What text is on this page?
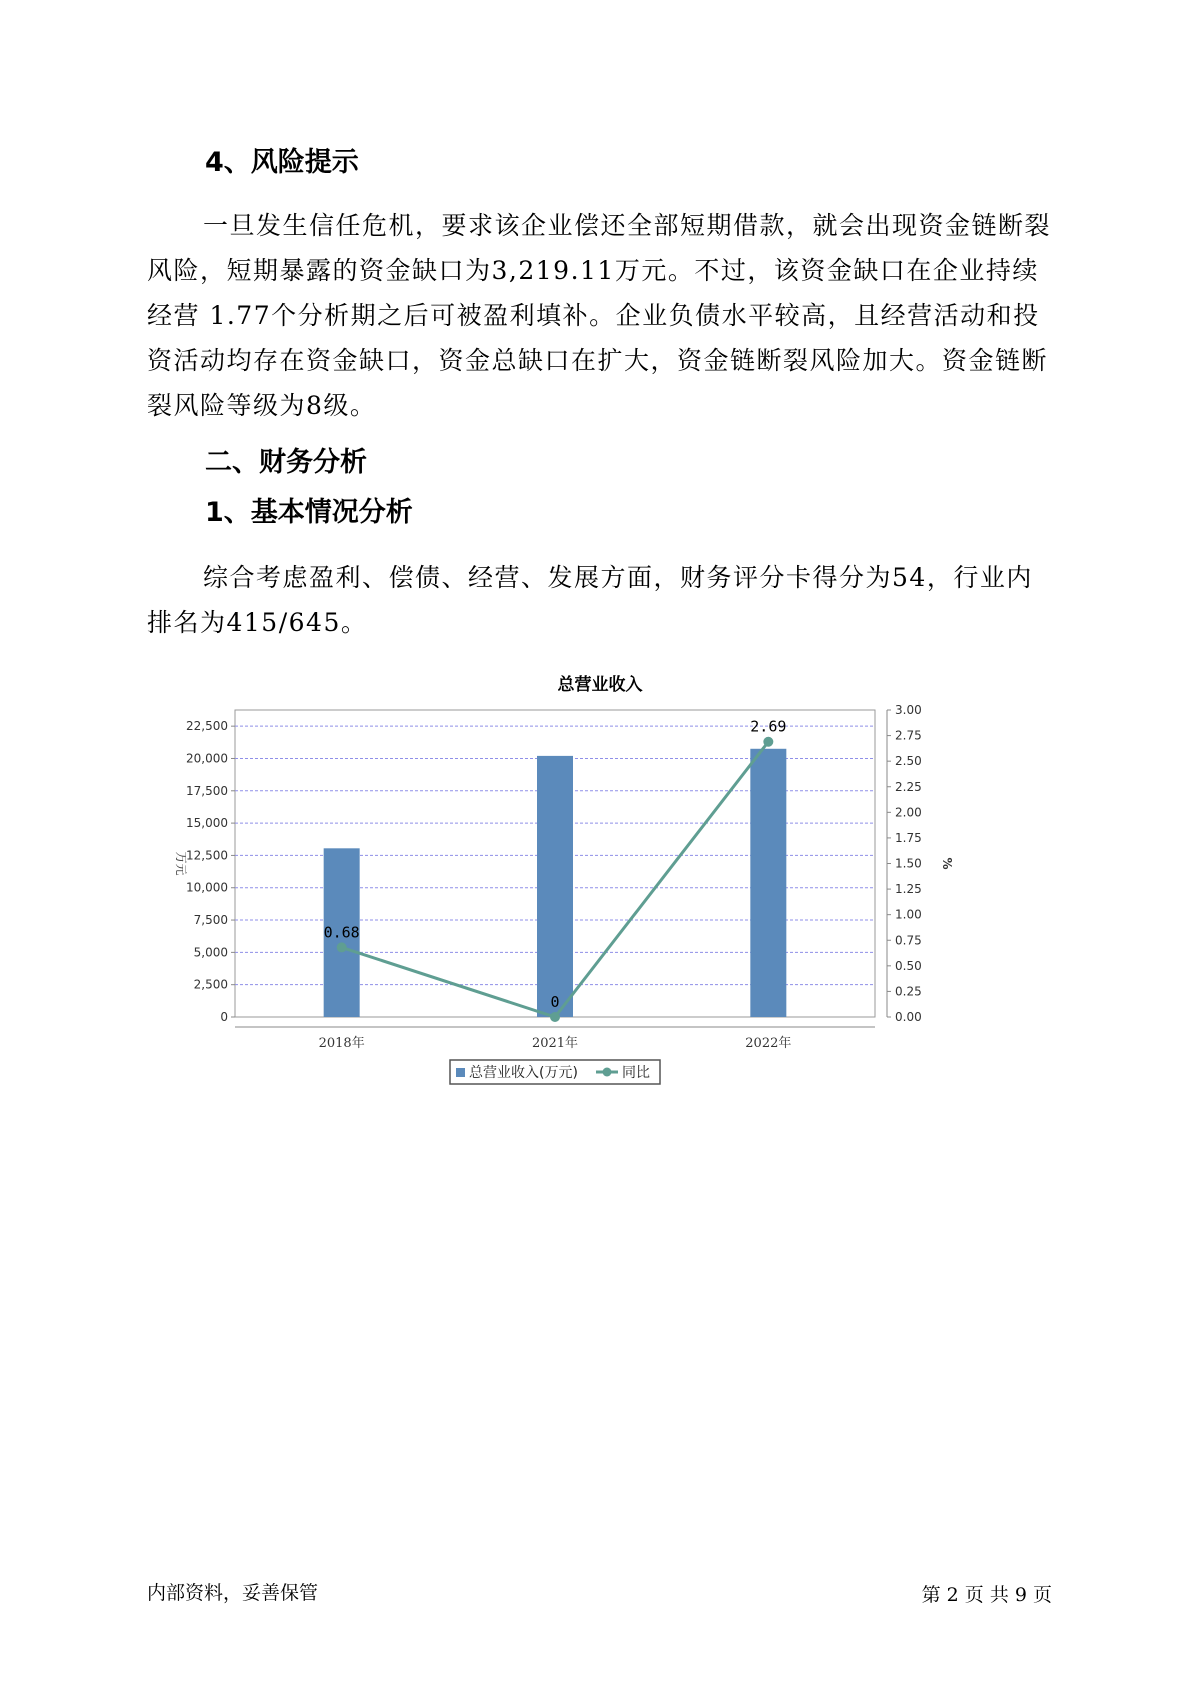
4、风险提示

一旦发生信任危机，要求该企业偿还全部短期借款，就会出现资金链断裂风险，短期暴露的资金缺口为3,219.11万元。不过，该资金缺口在企业持续经营 1.77个分析期之后可被盈利填补。企业负债水平较高，且经营活动和投资活动均存在资金缺口，资金总缺口在扩大，资金链断裂风险加大。资金链断裂风险等级为8级。

二、财务分析
1、基本情况分析

综合考虑盈利、偿债、经营、发展方面，财务评分卡得分为54，行业内排名为415/645。

总营业收入
0.68
0
2.69
0
2,500
5,000
7,500
10,000
12,500
15,000
17,500
20,000
22,500
0.00
0.25
0.50
0.75
1.00
1.25
1.50
1.75
2.00
2.25
2.50
2.75
3.00
2018年	2021年	2022年
万元	%
总营业收入(万元)	同比
内部资料，妥善保管	第 2 页 共 9 页
